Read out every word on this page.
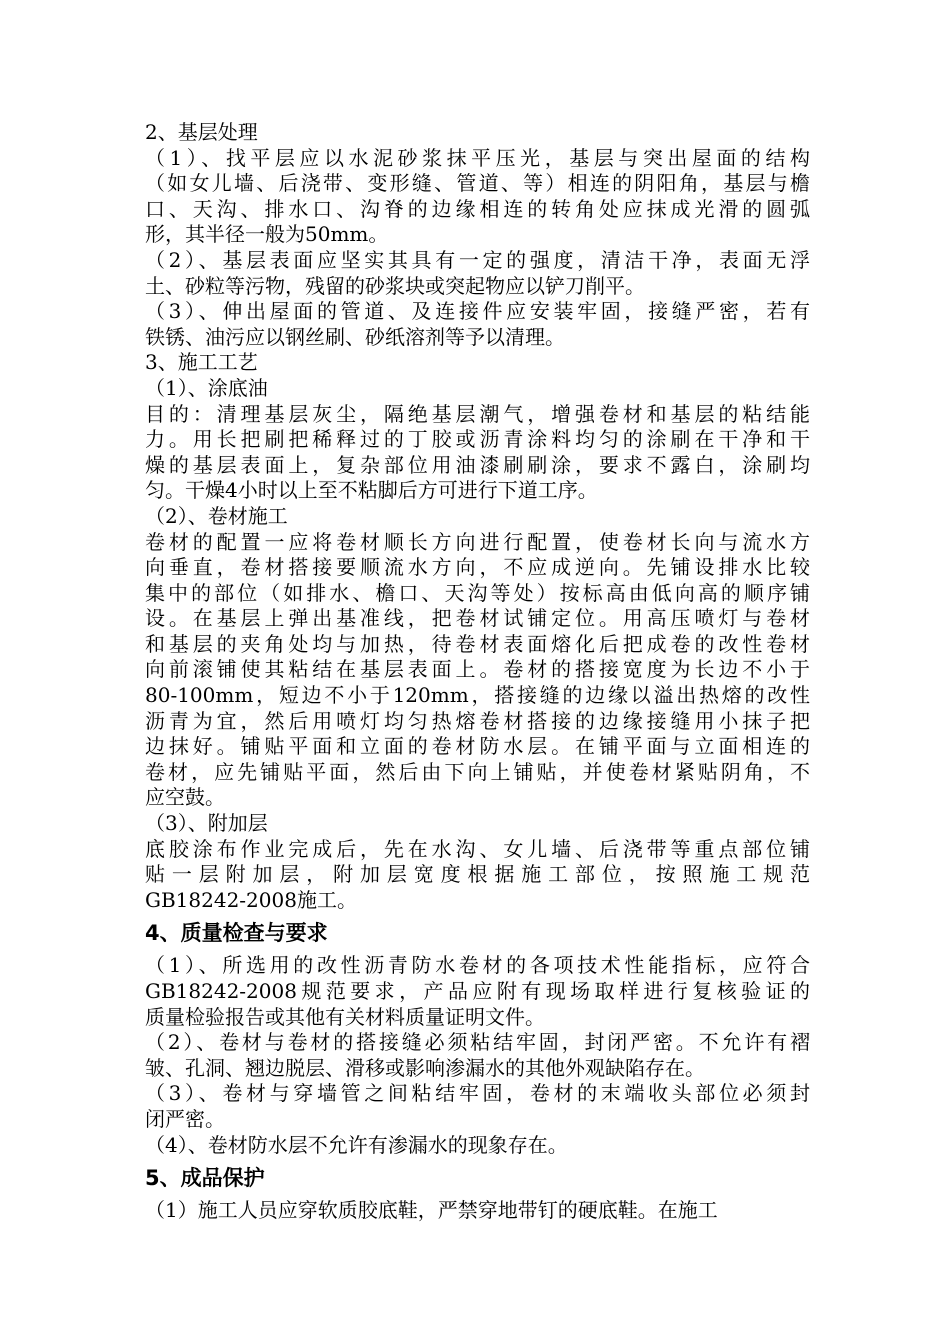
2、基层处理
（1）、找平层应以水泥砂浆抹平压光，基层与突出屋面的结构
（如女儿墙、后浇带、变形缝、管道、等）相连的阴阳角，基层与檐
口、天沟、排水口、沟脊的边缘相连的转角处应抹成光滑的圆弧
形，其半径一般为50mm。
（2）、基层表面应坚实其具有一定的强度，清洁干净，表面无浮
土、砂粒等污物，残留的砂浆块或突起物应以铲刀削平。
（3）、伸出屋面的管道、及连接件应安装牢固，接缝严密，若有
铁锈、油污应以钢丝刷、砂纸溶剂等予以清理。
3、施工工艺
（1）、涂底油
目的：清理基层灰尘，隔绝基层潮气，增强卷材和基层的粘结能
力。用长把刷把稀释过的丁胶或沥青涂料均匀的涂刷在干净和干
燥的基层表面上，复杂部位用油漆刷刷涂，要求不露白，涂刷均
匀。干燥4小时以上至不粘脚后方可进行下道工序。
（2）、卷材施工
卷材的配置一应将卷材顺长方向进行配置，使卷材长向与流水方
向垂直，卷材搭接要顺流水方向，不应成逆向。先铺设排水比较
集中的部位（如排水、檐口、天沟等处）按标高由低向高的顺序铺
设。在基层上弹出基准线，把卷材试铺定位。用高压喷灯与卷材
和基层的夹角处均与加热，待卷材表面熔化后把成卷的改性卷材
向前滚铺使其粘结在基层表面上。卷材的搭接宽度为长边不小于
80-100mm，短边不小于120mm，搭接缝的边缘以溢出热熔的改性
沥青为宜，然后用喷灯均匀热熔卷材搭接的边缘接缝用小抹子把
边抹好。铺贴平面和立面的卷材防水层。在铺平面与立面相连的
卷材，应先铺贴平面，然后由下向上铺贴，并使卷材紧贴阴角，不
应空鼓。
（3）、附加层
底胶涂布作业完成后，先在水沟、女儿墙、后浇带等重点部位铺
贴一层附加层，附加层宽度根据施工部位，按照施工规范
GB18242-2008施工。
4、质量检查与要求
（1）、所选用的改性沥青防水卷材的各项技术性能指标，应符合
GB18242-2008规范要求，产品应附有现场取样进行复核验证的
质量检验报告或其他有关材料质量证明文件。
（2）、卷材与卷材的搭接缝必须粘结牢固，封闭严密。不允许有褶
皱、孔洞、翘边脱层、滑移或影响渗漏水的其他外观缺陷存在。
（3）、卷材与穿墙管之间粘结牢固，卷材的末端收头部位必须封
闭严密。
（4）、卷材防水层不允许有渗漏水的现象存在。
5、成品保护
（1）施工人员应穿软质胶底鞋，严禁穿地带钉的硬底鞋。在施工
